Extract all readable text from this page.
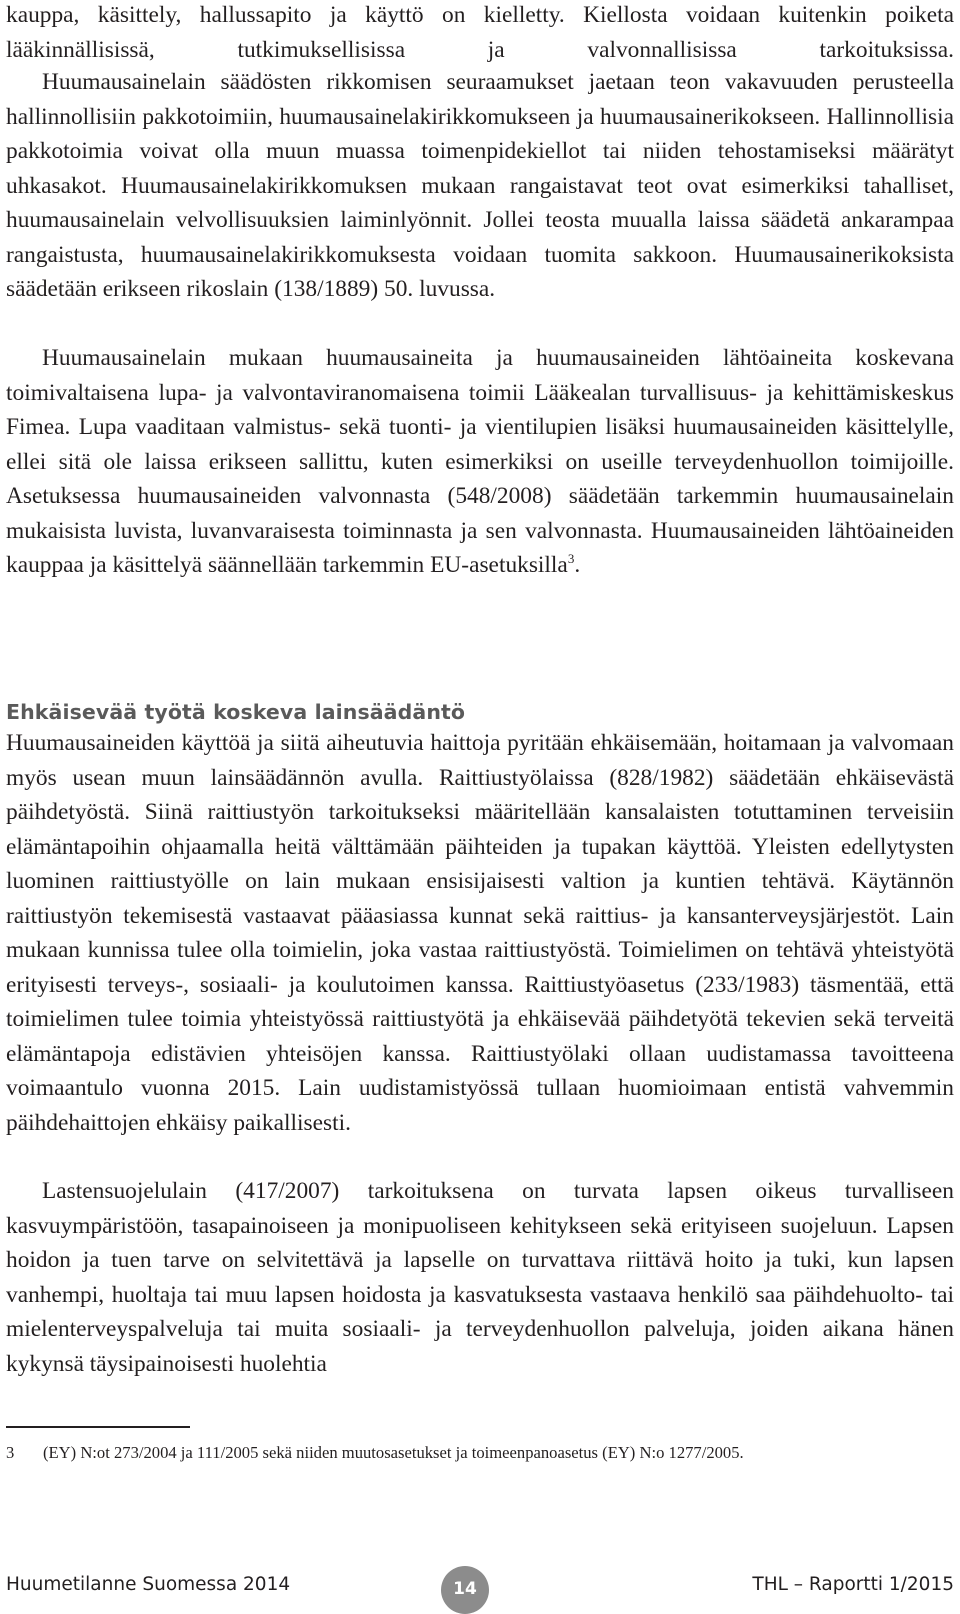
kauppa, käsittely, hallussapito ja käyttö on kielletty. Kiellosta voidaan kuitenkin poiketa lääkinnällisissä, tutkimuksellisissa ja valvonnallisissa tarkoituksissa.

Huumausainelain säädösten rikkomisen seuraamukset jaetaan teon vakavuuden perusteella hallinnollisiin pakkotoimiin, huumausainelakirikkomukseen ja huumausainerikokseen. Hallinnollisia pakkotoimia voivat olla muun muassa toimenpidekiellot tai niiden tehostamiseksi määrätyt uhkasakot. Huumausainelakirikkomuksen mukaan rangaistavat teot ovat esimerkiksi tahalliset, huumausainelain velvollisuuksien laiminlyönnit. Jollei teosta muualla laissa säädetä ankarampaa rangaistusta, huumausainelakirikkomuksesta voidaan tuomita sakkoon. Huumausainerikoksista säädetään erikseen rikoslain (138/1889) 50. luvussa.

Huumausainelain mukaan huumausaineita ja huumausaineiden lähtöaineita koskevana toimivaltaisena lupa- ja valvontaviranomaisena toimii Lääkealan turvallisuus- ja kehittämiskeskus Fimea. Lupa vaaditaan valmistus- sekä tuonti- ja vientilupien lisäksi huumausaineiden käsittelylle, ellei sitä ole laissa erikseen sallittu, kuten esimerkiksi on useille terveydenhuollon toimijoille. Asetuksessa huumausaineiden valvonnasta (548/2008) säädetään tarkemmin huumausainelain mukaisista luvista, luvanvaraisesta toiminnasta ja sen valvonnasta. Huumausaineiden lähtöaineiden kauppaa ja käsittelyä säännellään tarkemmin EU-asetuksilla$^3$.

Ehkäisevää työtä koskeva lainsäädäntö

Huumausaineiden käyttöä ja siitä aiheutuvia haittoja pyritään ehkäisemään, hoitamaan ja valvomaan myös usean muun lainsäädännön avulla. Raittiustyölaissa (828/1982) säädetään ehkäisevästä päihdetyöstä. Siinä raittiustyön tarkoitukseksi määritellään kansalaisten totuttaminen terveisiin elämäntapoihin ohjaamalla heitä välttämään päihteiden ja tupakan käyttöä. Yleisten edellytysten luominen raittiustyölle on lain mukaan ensisijaisesti valtion ja kuntien tehtävä. Käytännön raittiustyön tekemisestä vastaavat pääasiassa kunnat sekä raittius- ja kansanterveysjärjestöt. Lain mukaan kunnissa tulee olla toimielin, joka vastaa raittiustyöstä. Toimielimen on tehtävä yhteistyötä erityisesti terveys-, sosiaali- ja koulutoimen kanssa. Raittiustyöasetus (233/1983) täsmentää, että toimielimen tulee toimia yhteistyössä raittiustyötä ja ehkäisevää päihdetyötä tekevien sekä terveitä elämäntapoja edistävien yhteisöjen kanssa. Raittiustyölaki ollaan uudistamassa tavoitteena voimaantulo vuonna 2015. Lain uudistamistyössä tullaan huomioimaan entistä vahvemmin päihdehaittojen ehkäisy paikallisesti.

Lastensuojelulain (417/2007) tarkoituksena on turvata lapsen oikeus turvalliseen kasvuympäristöön, tasapainoiseen ja monipuoliseen kehitykseen sekä erityiseen suojeluun. Lapsen hoidon ja tuen tarve on selvitettävä ja lapselle on turvattava riittävä hoito ja tuki, kun lapsen vanhempi, huoltaja tai muu lapsen hoidosta ja kasvatuksesta vastaava henkilö saa päihdehuolto- tai mielenterveyspalveluja tai muita sosiaali- ja terveydenhuollon palveluja, joiden aikana hänen kykynsä täysipainoisesti huolehtia

3 (EY) N:ot 273/2004 ja 111/2005 sekä niiden muutosasetukset ja toimeenpanoasetus (EY) N:o 1277/2005.
Huumetilanne Suomessa 2014	14	THL – Raportti 1/2015
